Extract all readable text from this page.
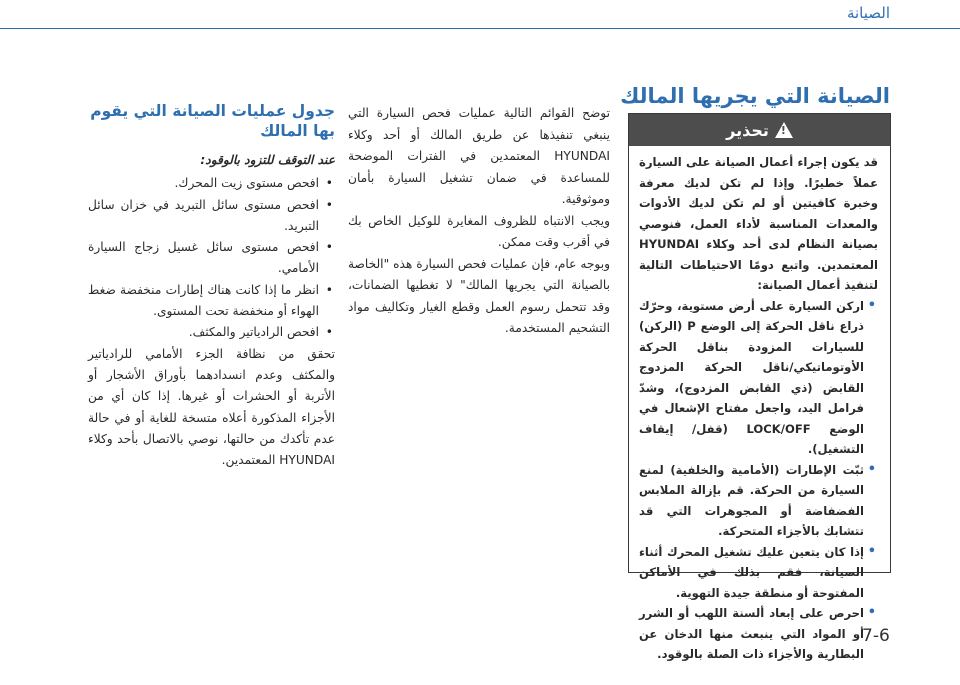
الصيانة
الصيانة التي يجريها المالك
!
تحذير

قد يكون إجراء أعمال الصيانة على السيارة عملاً خطيرًا. وإذا لم تكن لديك معرفة وخبرة كافيتين أو لم تكن لديك الأدوات والمعدات المناسبة لأداء العمل، فنوصي بصيانة النظام لدى أحد وكلاء HYUNDAI المعتمدين. واتبع دومًا الاحتياطات التالية لتنفيذ أعمال الصيانة:

• اركن السيارة على أرض مستوية، وحرّك ذراع ناقل الحركة إلى الوضع P (الركن) للسيارات المزودة بناقل الحركة الأوتوماتيكي/ناقل الحركة المزدوج القابض (ذي القابض المزدوج)، وشدّ فرامل اليد، واجعل مفتاح الإشعال في الوضع LOCK/OFF (قفل/ إيقاف التشغيل).
• ثبّت الإطارات (الأمامية والخلفية) لمنع السيارة من الحركة. قم بإزالة الملابس الفضفاضة أو المجوهرات التي قد تتشابك بالأجزاء المتحركة.
• إذا كان يتعين عليك تشغيل المحرك أثناء الصيانة، فقم بذلك في الأماكن المفتوحة أو منطقة جيدة التهوية.
• احرص على إبعاد ألسنة اللهب أو الشرر أو المواد التي ينبعث منها الدخان عن البطارية والأجزاء ذات الصلة بالوقود.

توضح القوائم التالية عمليات فحص السيارة التي ينبغي تنفيذها عن طريق المالك أو أحد وكلاء HYUNDAI المعتمدين في الفترات الموضحة للمساعدة في ضمان تشغيل السيارة بأمان وموثوقية.

ويجب الانتباه للظروف المغايرة للوكيل الخاص بك في أقرب وقت ممكن.

وبوجه عام، فإن عمليات فحص السيارة هذه "الخاصة بالصيانة التي يجريها المالك" لا تغطيها الضمانات، وقد تتحمل رسوم العمل وقطع الغيار وتكاليف مواد التشحيم المستخدمة.

جدول عمليات الصيانة التي يقوم بها المالك

عند التوقف للتزود بالوقود:

• افحص مستوى زيت المحرك.
• افحص مستوى سائل التبريد في خزان سائل التبريد.
• افحص مستوى سائل غسيل زجاج السيارة الأمامي.
• انظر ما إذا كانت هناك إطارات منخفضة ضغط الهواء أو منخفضة تحت المستوى.
• افحص الرادياتير والمكثف.

تحقق من نظافة الجزء الأمامي للرادياتير والمكثف وعدم انسدادهما بأوراق الأشجار أو الأتربة أو الحشرات أو غيرها. إذا كان أي من الأجزاء المذكورة أعلاه متسخة للغاية أو في حالة عدم تأكدك من حالتها، نوصي بالاتصال بأحد وكلاء HYUNDAI المعتمدين.

7-6
